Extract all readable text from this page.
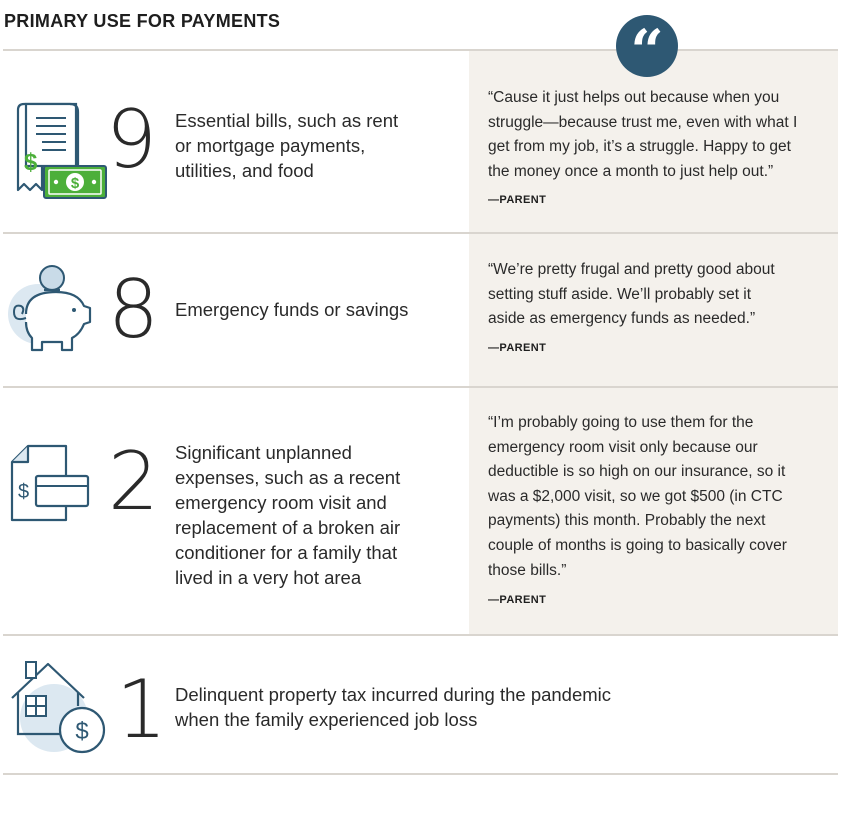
PRIMARY USE FOR PAYMENTS	“
$
$ 9 Essential bills, such as rent
or mortgage payments,
utilities, and food
“Cause it just helps out because when you
struggle—because trust me, even with what I
get from my job, it’s a struggle. Happy to get
the money once a month to just help out.”
—PARENT
8 Emergency funds or savings
“We’re pretty frugal and pretty good about
setting stuff aside. We’ll probably set it
aside as emergency funds as needed.”
—PARENT
$ 2 Significant unplanned
expenses, such as a recent
emergency room visit and
replacement of a broken air
conditioner for a family that
lived in a very hot area
“I’m probably going to use them for the
emergency room visit only because our
deductible is so high on our insurance, so it
was a $2,000 visit, so we got $500 (in CTC
payments) this month. Probably the next
couple of months is going to basically cover
those bills.”
—PARENT
$ 1 Delinquent property tax incurred during the pandemic
when the family experienced job loss
